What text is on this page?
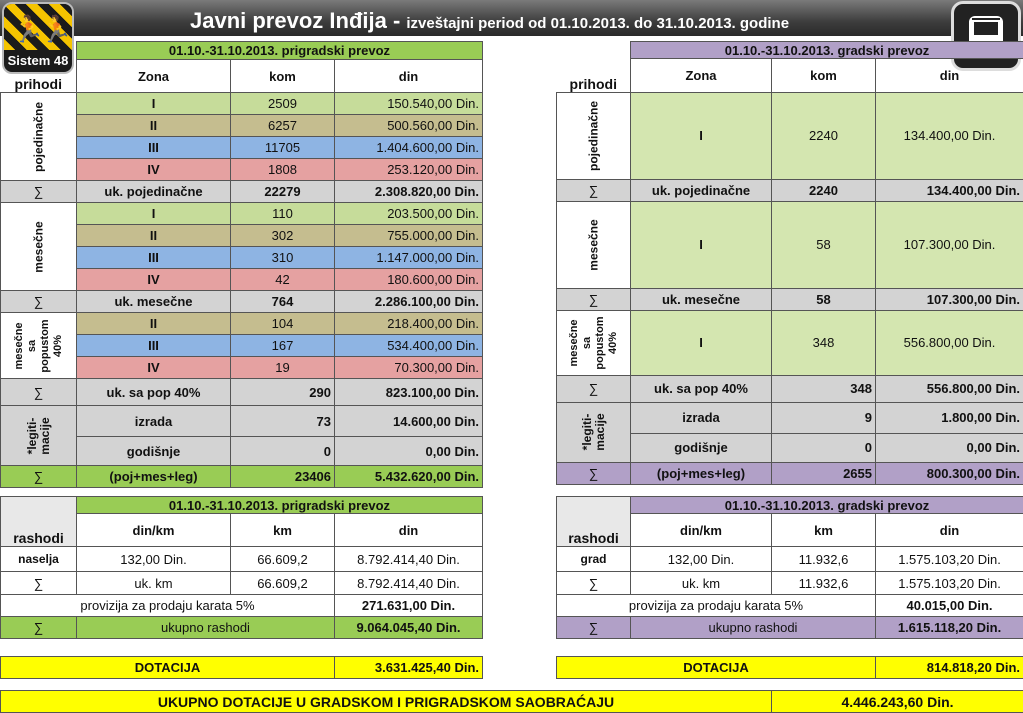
Javni prevoz Inđija - izveštajni period od 01.10.2013. do 31.10.2013. godine
🏃🏃
Sistem 48
prihodi	01.10.-31.10.2013. prigradski prevoz		
	Zona	kom	din

pojedinačne	I	2509	150.540,00 Din.
	II	6257	500.560,00 Din.
	III	11705	1.404.600,00 Din.
	IV	1808	253.120,00 Din.
∑	uk. pojedinačne	22279	2.308.820,00 Din.

mesečne	I	110	203.500,00 Din.
	II	302	755.000,00 Din.
	III	310	1.147.000,00 Din.
	IV	42	180.600,00 Din.
∑	uk. mesečne	764	2.286.100,00 Din.

mesečne sa popustom 40%	II	104	218.400,00 Din.
	III	167	534.400,00 Din.
	IV	19	70.300,00 Din.
∑	uk. sa pop 40%	290	823.100,00 Din.

*legiti-macije	izrada	73	14.600,00 Din.
	godišnje	0	0,00 Din.
∑	(poj+mes+leg)	23406	5.432.620,00 Din.
prihodi	01.10.-31.10.2013. gradski prevoz		
	Zona	kom	din

pojedinačne	I	2240	134.400,00 Din.
∑	uk. pojedinačne	2240	134.400,00 Din.

mesečne	I	58	107.300,00 Din.
∑	uk. mesečne	58	107.300,00 Din.

mesečne sa popustom 40%	I	348	556.800,00 Din.
∑	uk. sa pop 40%	348	556.800,00 Din.

*legiti-macije	izrada	9	1.800,00 Din.
	godišnje	0	0,00 Din.
∑	(poj+mes+leg)	2655	800.300,00 Din.
rashodi	01.10.-31.10.2013. prigradski prevoz		
	din/km	km	din
naselja	132,00 Din.	66.609,2	8.792.414,40 Din.
∑	uk. km	66.609,2	8.792.414,40 Din.
provizija za prodaju karata 5%			271.631,00 Din.
∑	ukupno rashodi		9.064.045,40 Din.
DOTACIJA	3.631.425,40 Din.
rashodi	01.10.-31.10.2013. gradski prevoz		
	din/km	km	din
grad	132,00 Din.	11.932,6	1.575.103,20 Din.
∑	uk. km	11.932,6	1.575.103,20 Din.
provizija za prodaju karata 5%			40.015,00 Din.
∑	ukupno rashodi		1.615.118,20 Din.
DOTACIJA	814.818,20 Din.
UKUPNO DOTACIJE U GRADSKOM I PRIGRADSKOM SAOBRAĆAJU	4.446.243,60 Din.
